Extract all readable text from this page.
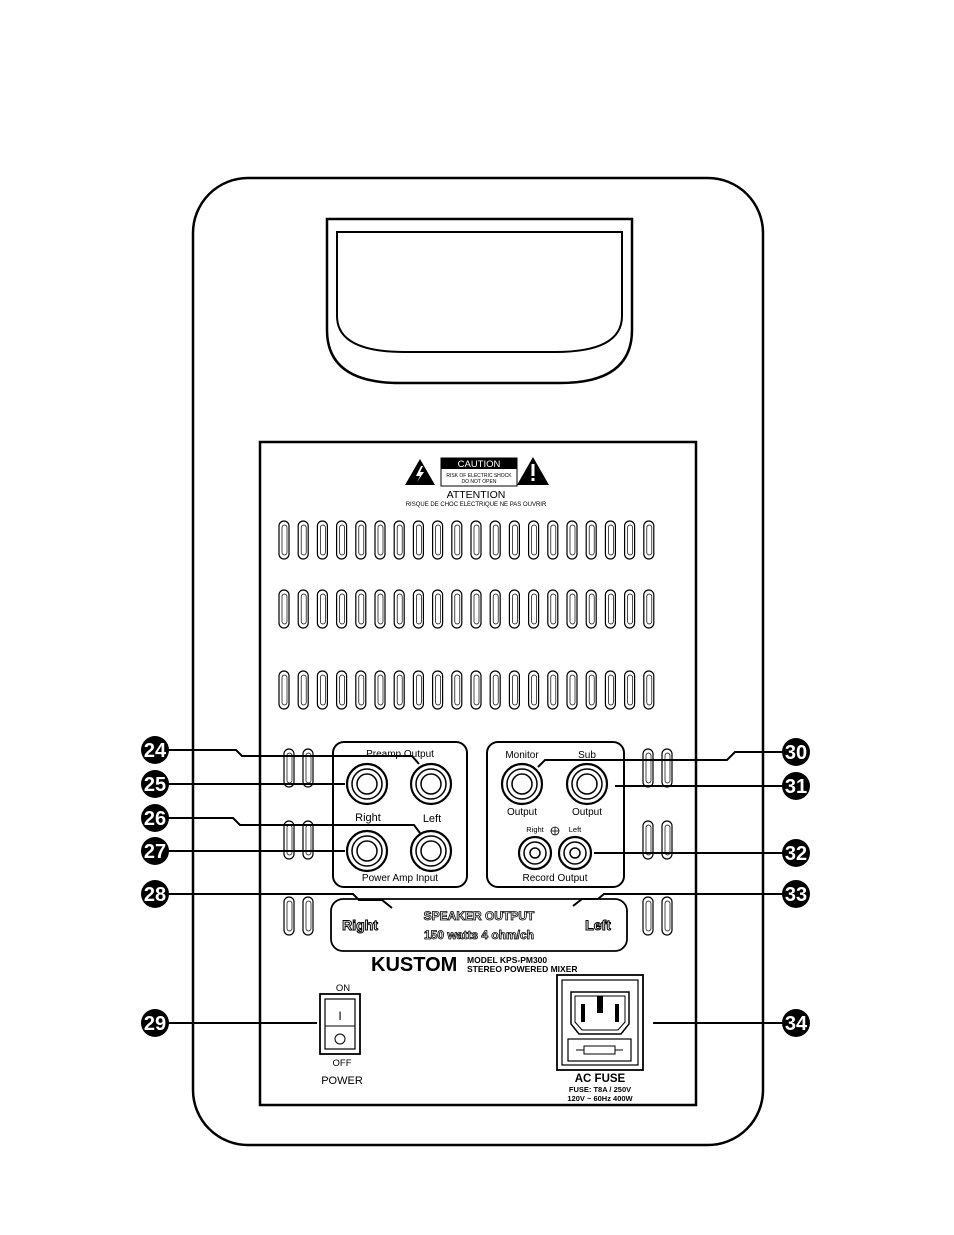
CAUTION
RISK OF ELECTRIC SHOCK
DO NOT OPEN
ATTENTION
RISQUE DE CHOC ELECTRIQUE NE PAS OUVRIR
Preamp Output
Right	Left
Power Amp Input
Monitor	Sub
Output	Output
Right	Left
Record Output
Right	Left
SPEAKER OUTPUT
150 watts 4 ohm/ch
KUSTOM MODEL KPS-PM300
STEREO POWERED MIXER
ON
I
OFF
POWER	AC FUSE
FUSE: T8A / 250V
120V ~ 60Hz 400W
24
25
26
27
28
29
30
31
32
33
34
